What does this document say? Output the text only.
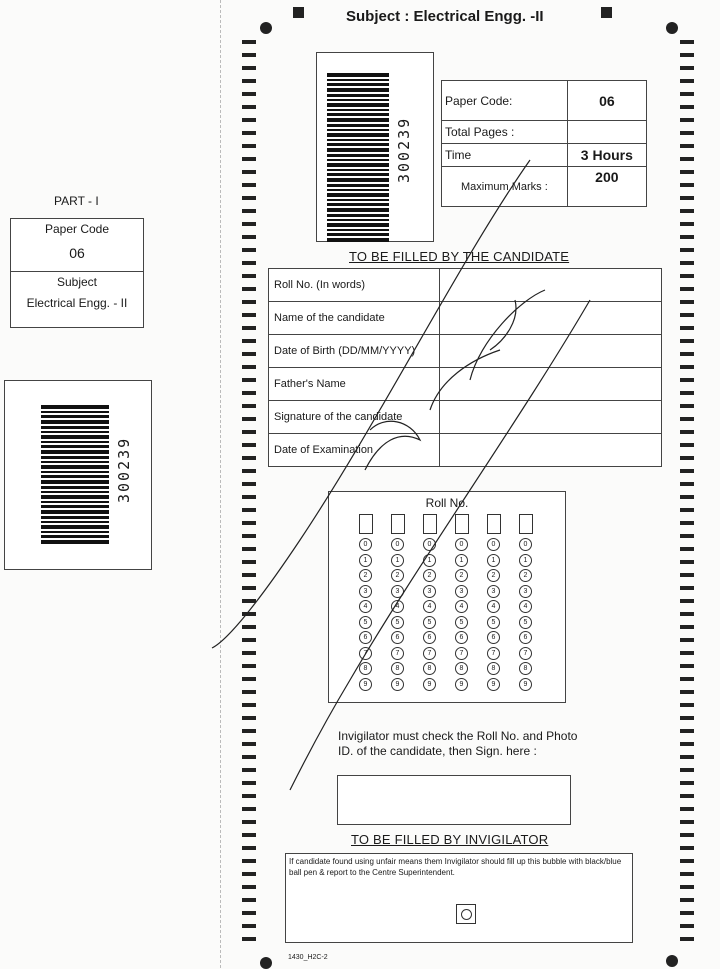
PART - I
Paper Code
06
Subject
Electrical Engg. - II
300239
Subject : Electrical Engg. -II
300239
Paper Code:	06
Total Pages :	
Time	3 Hours
Maximum Marks :	200
TO BE FILLED BY THE CANDIDATE
Roll No. (In words)	
Name of the candidate	
Date of Birth (DD/MM/YYYY)	
Father's Name	
Signature of the candidate	
Date of Examination	
Roll No.
0
1
2
3
4
5
6
7
8
9
0
1
2
3
4
5
6
7
8
9
0
1
2
3
4
5
6
7
8
9
0
1
2
3
4
5
6
7
8
9
0
1
2
3
4
5
6
7
8
9
0
1
2
3
4
5
6
7
8
9
Invigilator must check the Roll No. and Photo ID. of the candidate, then Sign. here :
TO BE FILLED BY INVIGILATOR
If candidate found using unfair means them Invigilator should fill up this bubble with black/blue ball pen & report to the Centre Superintendent.
1430_H2C-2
